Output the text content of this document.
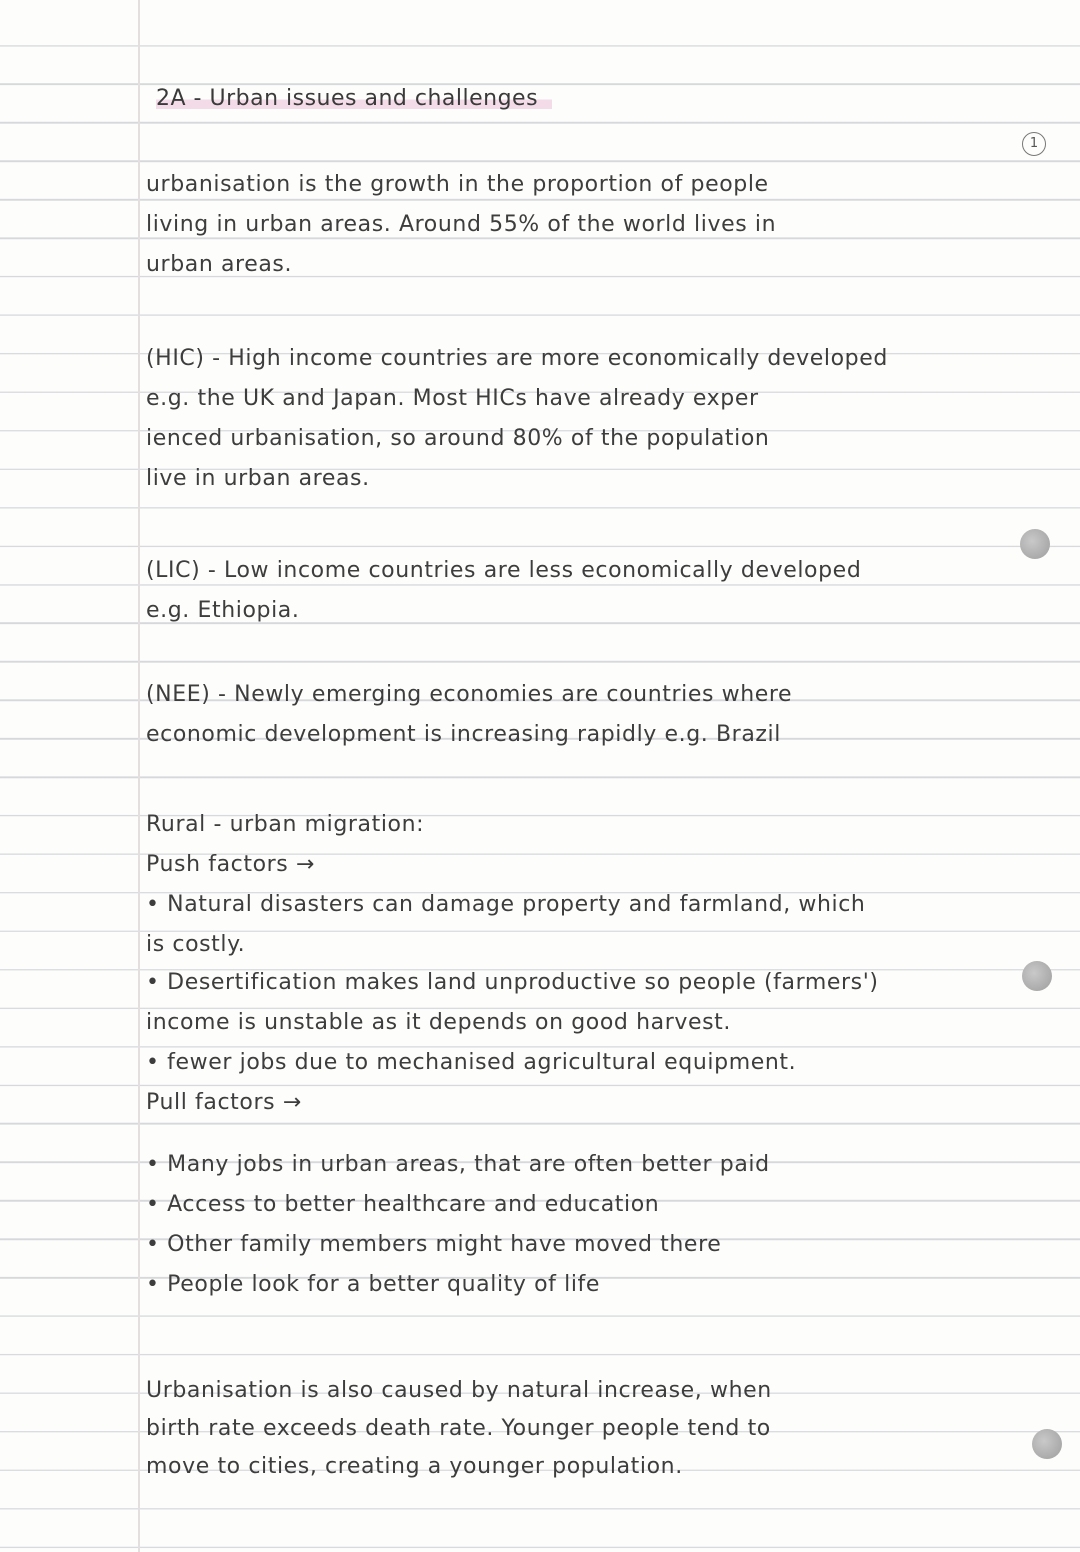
1
2A - Urban issues and challenges
urbanisation is the growth in the proportion of people
living in urban areas. Around 55% of the world lives in
urban areas.
(HIC) - High income countries are more economically developed
e.g. the UK and Japan. Most HICs have already exper
ienced urbanisation, so around 80% of the population
live in urban areas.
(LIC) - Low income countries are less economically developed
e.g. Ethiopia.
(NEE) - Newly emerging economies are countries where
economic development is increasing rapidly e.g. Brazil
Rural - urban migration:
Push factors →
• Natural disasters can damage property and farmland, which
is costly.
• Desertification makes land unproductive so people (farmers')
income is unstable as it depends on good harvest.
• fewer jobs due to mechanised agricultural equipment.
Pull factors →
• Many jobs in urban areas, that are often better paid
• Access to better healthcare and education
• Other family members might have moved there
• People look for a better quality of life
Urbanisation is also caused by natural increase, when
birth rate exceeds death rate. Younger people tend to
move to cities, creating a younger population.
